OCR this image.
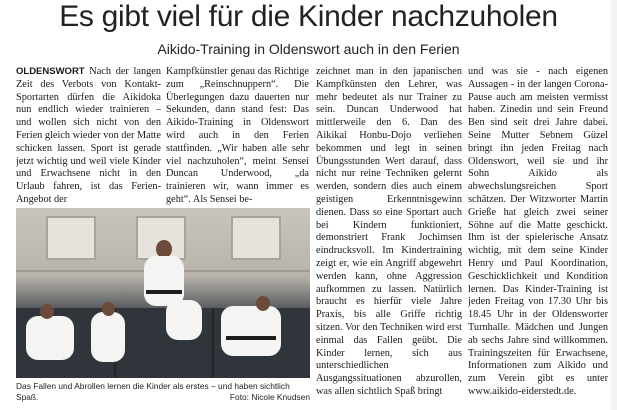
Es gibt viel für die Kinder nachzuholen
Aikido-Training in Oldenswort auch in den Ferien

OLDENSWORT Nach der langen Zeit des Verbots von Kontakt-Sportarten dürfen die Aikidoka nun endlich wieder trainieren – und wollen sich nicht von den Ferien gleich wieder von der Matte schicken lassen. Sport ist gerade jetzt wichtig und weil viele Kinder und Erwachsene nicht in den Urlaub fahren, ist das Ferien-Angebot der

Kampfkünstler genau das Richtige zum „Reinschnuppern“. Die Überlegungen dazu dauerten nur Sekunden, dann stand fest: Das Aikido-Training in Oldenswort wird auch in den Ferien stattfinden. „Wir haben alle sehr viel nachzuholen“, meint Sensei Duncan Underwood, „da trainieren wir, wann immer es geht“. Als Sensei be-

zeichnet man in den japanischen Kampfkünsten den Lehrer, was mehr bedeutet als nur Trainer zu sein. Duncan Underwood hat mittlerweile den 6. Dan des Aikikai Honbu-Dojo verliehen bekommen und legt in seinen Übungsstunden Wert darauf, dass nicht nur reine Techniken gelernt werden, sondern dies auch einem geistigen Erkenntnisgewinn dienen. Dass so eine Sportart auch bei Kindern funktioniert, demonstriert Frank Jochimsen eindrucksvoll. Im Kindertraining zeigt er, wie ein Angriff abgewehrt werden kann, ohne Aggression aufkommen zu lassen. Natürlich braucht es hierfür viele Jahre Praxis, bis alle Griffe richtig sitzen. Vor den Techniken wird erst einmal das Fallen geübt. Die Kinder lernen, sich aus unterschiedlichen Ausgangssituationen abzurollen, was allen sichtlich Spaß bringt

und was sie - nach eigenen Aussagen - in der langen Corona-Pause auch am meisten vermisst haben. Zinedin und sein Freund Ben sind seit drei Jahre dabei. Seine Mutter Sebnem Güzel bringt ihn jeden Freitag nach Oldenswort, weil sie und ihr Sohn Aikido als abwechslungsreichen Sport schätzen. Der Witzworter Martin Grieße hat gleich zwei seiner Söhne auf die Matte geschickt. Ihm ist der spielerische Ansatz wichtig, mit dem seine Kinder Henry und Paul Koordination, Geschicklichkeit und Kondition lernen. Das Kinder-Training ist jeden Freitag von 17.30 Uhr bis 18.45 Uhr in der Oldensworter Turnhalle. Mädchen und Jungen ab sechs Jahre sind willkommen. Trainingszeiten für Erwachsene, Informationen zum Aikido und zum Verein gibt es unter www.aikido-eiderstedt.de.

Das Fallen und Abrollen lernen die Kinder als erstes – und haben sichtlich Spaß.	Foto: Nicole Knudsen
